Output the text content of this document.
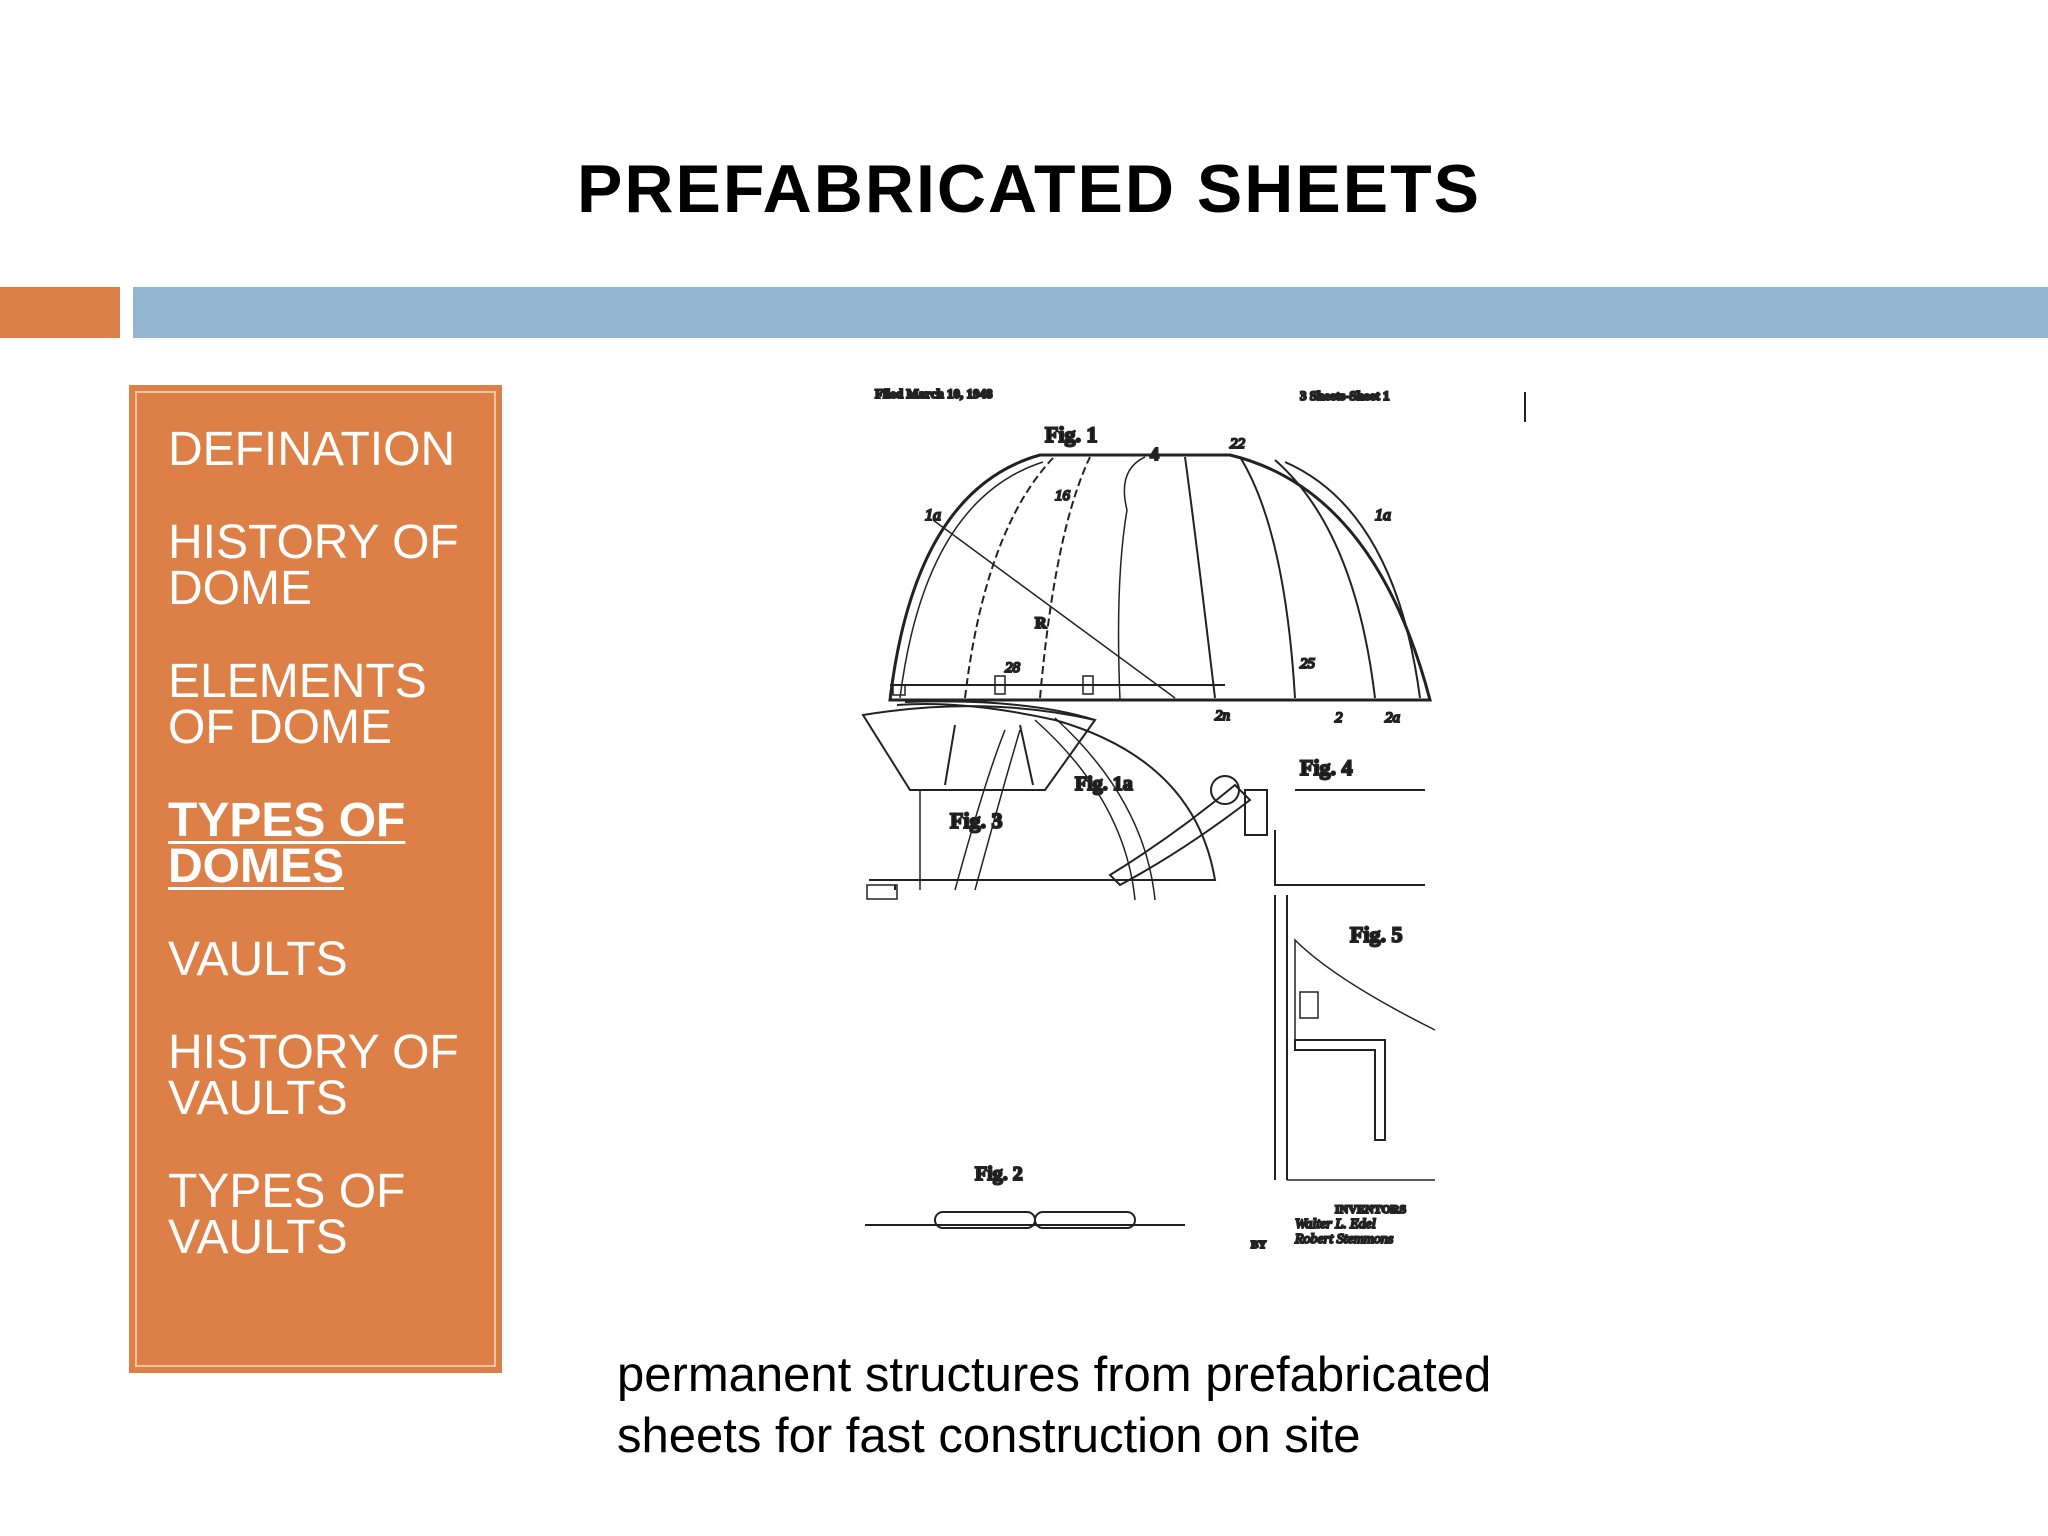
PREFABRICATED SHEETS
DEFINATION
HISTORY OF
DOME
ELEMENTS
OF DOME
TYPES OF
DOMES
VAULTS
HISTORY OF
VAULTS
TYPES OF
VAULTS
Filed March 10, 1948	3 Sheets-Sheet 1
Fig. 1
4	22
1a	1a
16
R
25
28
2n	2	2a
Fig. 1a
Fig. 3
Fig. 4
Fig. 5
Fig. 2
INVENTORS
Walter L. Edel
Robert Stemmons
BY
permanent structures from prefabricated
sheets for fast construction on site
